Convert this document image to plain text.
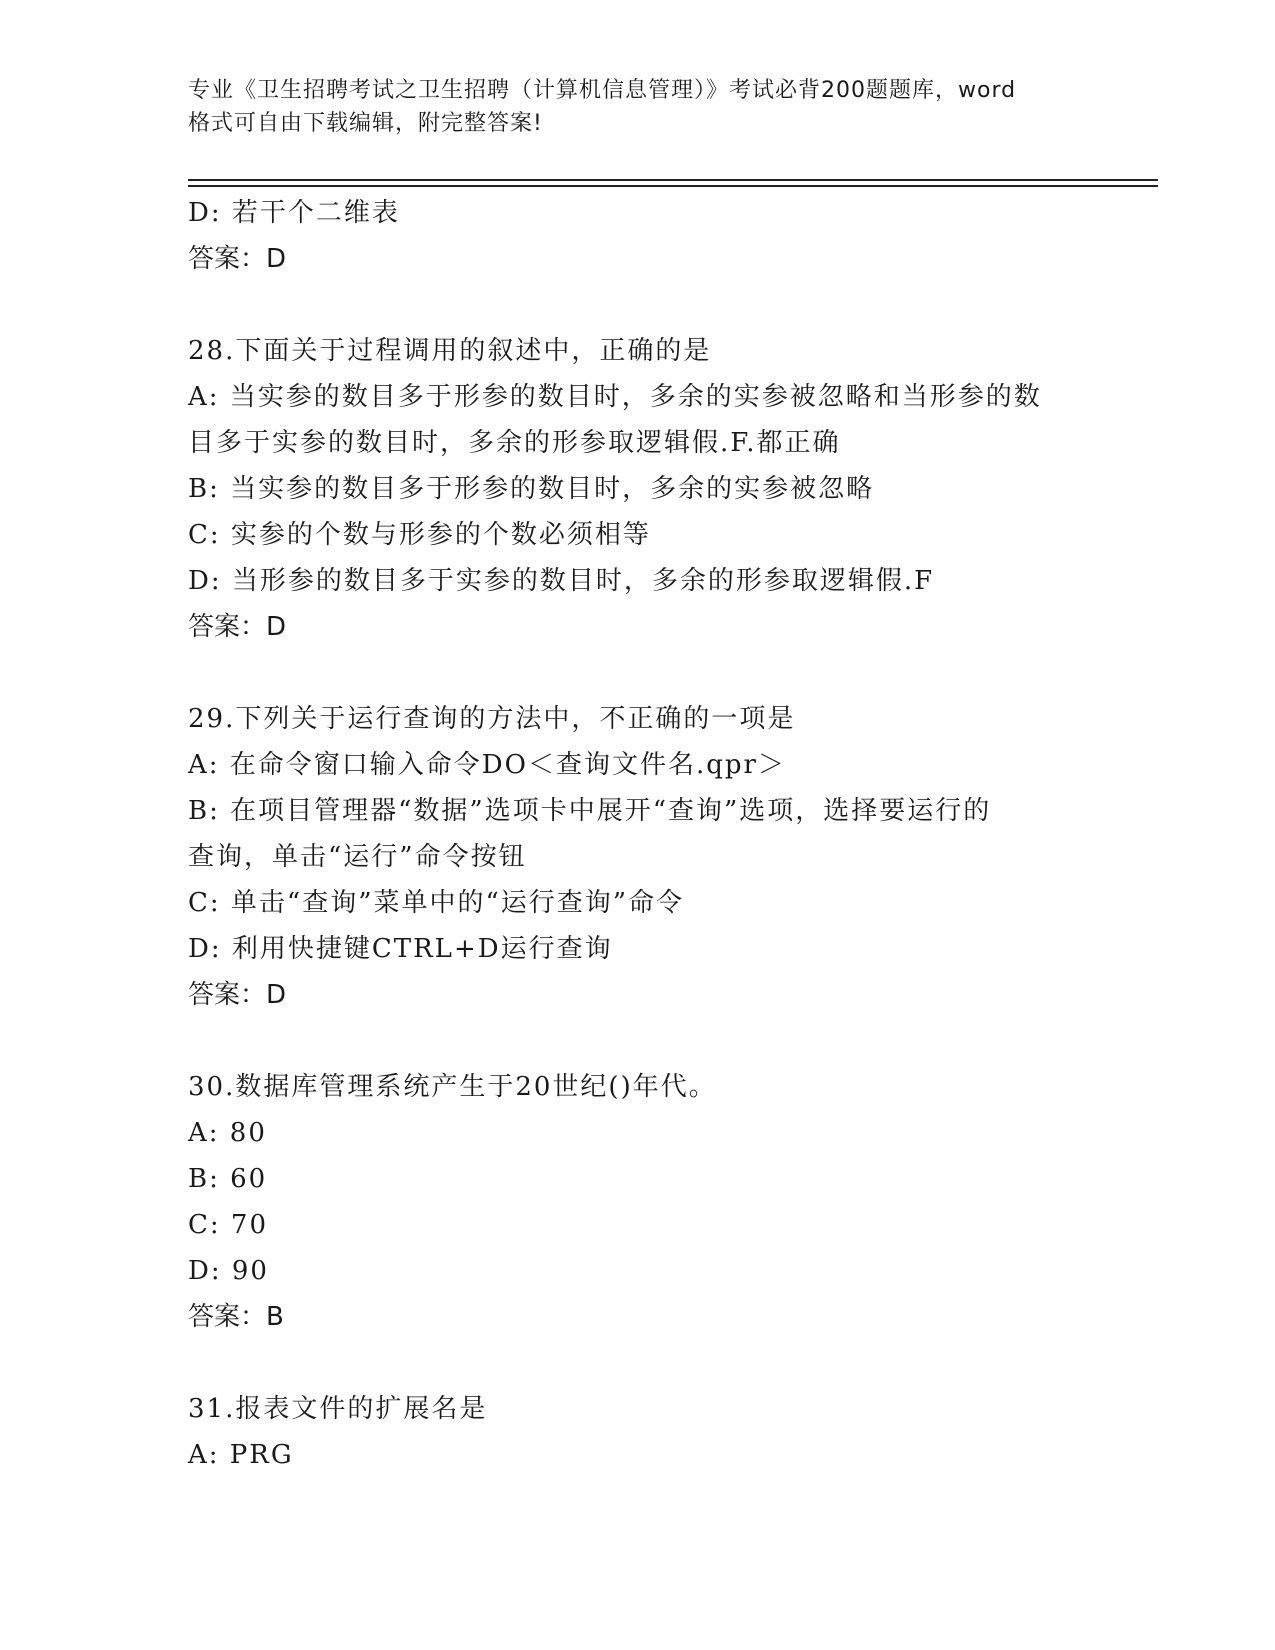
专业《卫生招聘考试之卫生招聘（计算机信息管理）》考试必背200题题库，word
格式可自由下载编辑，附完整答案!
D: 若干个二维表
答案：D
28.下面关于过程调用的叙述中，正确的是
A: 当实参的数目多于形参的数目时，多余的实参被忽略和当形参的数
目多于实参的数目时，多余的形参取逻辑假.F.都正确
B: 当实参的数目多于形参的数目时，多余的实参被忽略
C: 实参的个数与形参的个数必须相等
D: 当形参的数目多于实参的数目时，多余的形参取逻辑假.F
答案：D
29.下列关于运行查询的方法中，不正确的一项是
A: 在命令窗口输入命令DO＜查询文件名.qpr＞
B: 在项目管理器“数据”选项卡中展开“查询”选项，选择要运行的
查询，单击“运行”命令按钮
C: 单击“查询”菜单中的“运行查询”命令
D: 利用快捷键CTRL+D运行查询
答案：D
30.数据库管理系统产生于20世纪()年代。
A: 80
B: 60
C: 70
D: 90
答案：B
31.报表文件的扩展名是
A: PRG
